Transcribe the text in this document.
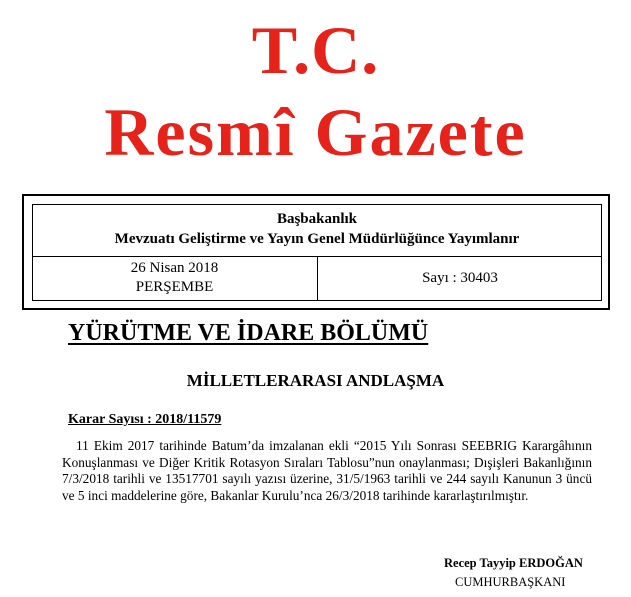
T.C.
Resmî Gazete
Başbakanlık
Mevzuatı Geliştirme ve Yayın Genel Müdürlüğünce Yayımlanır
26 Nisan 2018
PERŞEMBE
Sayı : 30403
YÜRÜTME VE İDARE BÖLÜMÜ
MİLLETLERARASI ANDLAŞMA
Karar Sayısı : 2018/11579

11 Ekim 2017 tarihinde Batum’da imzalanan ekli “2015 Yılı Sonrası SEEBRIG Karargâhının Konuşlanması ve Diğer Kritik Rotasyon Sıraları Tablosu”nun onaylanması; Dışişleri Bakanlığının 7/3/2018 tarihli ve 13517701 sayılı yazısı üzerine, 31/5/1963 tarihli ve 244 sayılı Kanunun 3 üncü ve 5 inci maddelerine göre, Bakanlar Kurulu’nca 26/3/2018 tarihinde kararlaştırılmıştır.

Recep Tayyip ERDOĞAN
CUMHURBAŞKANI
